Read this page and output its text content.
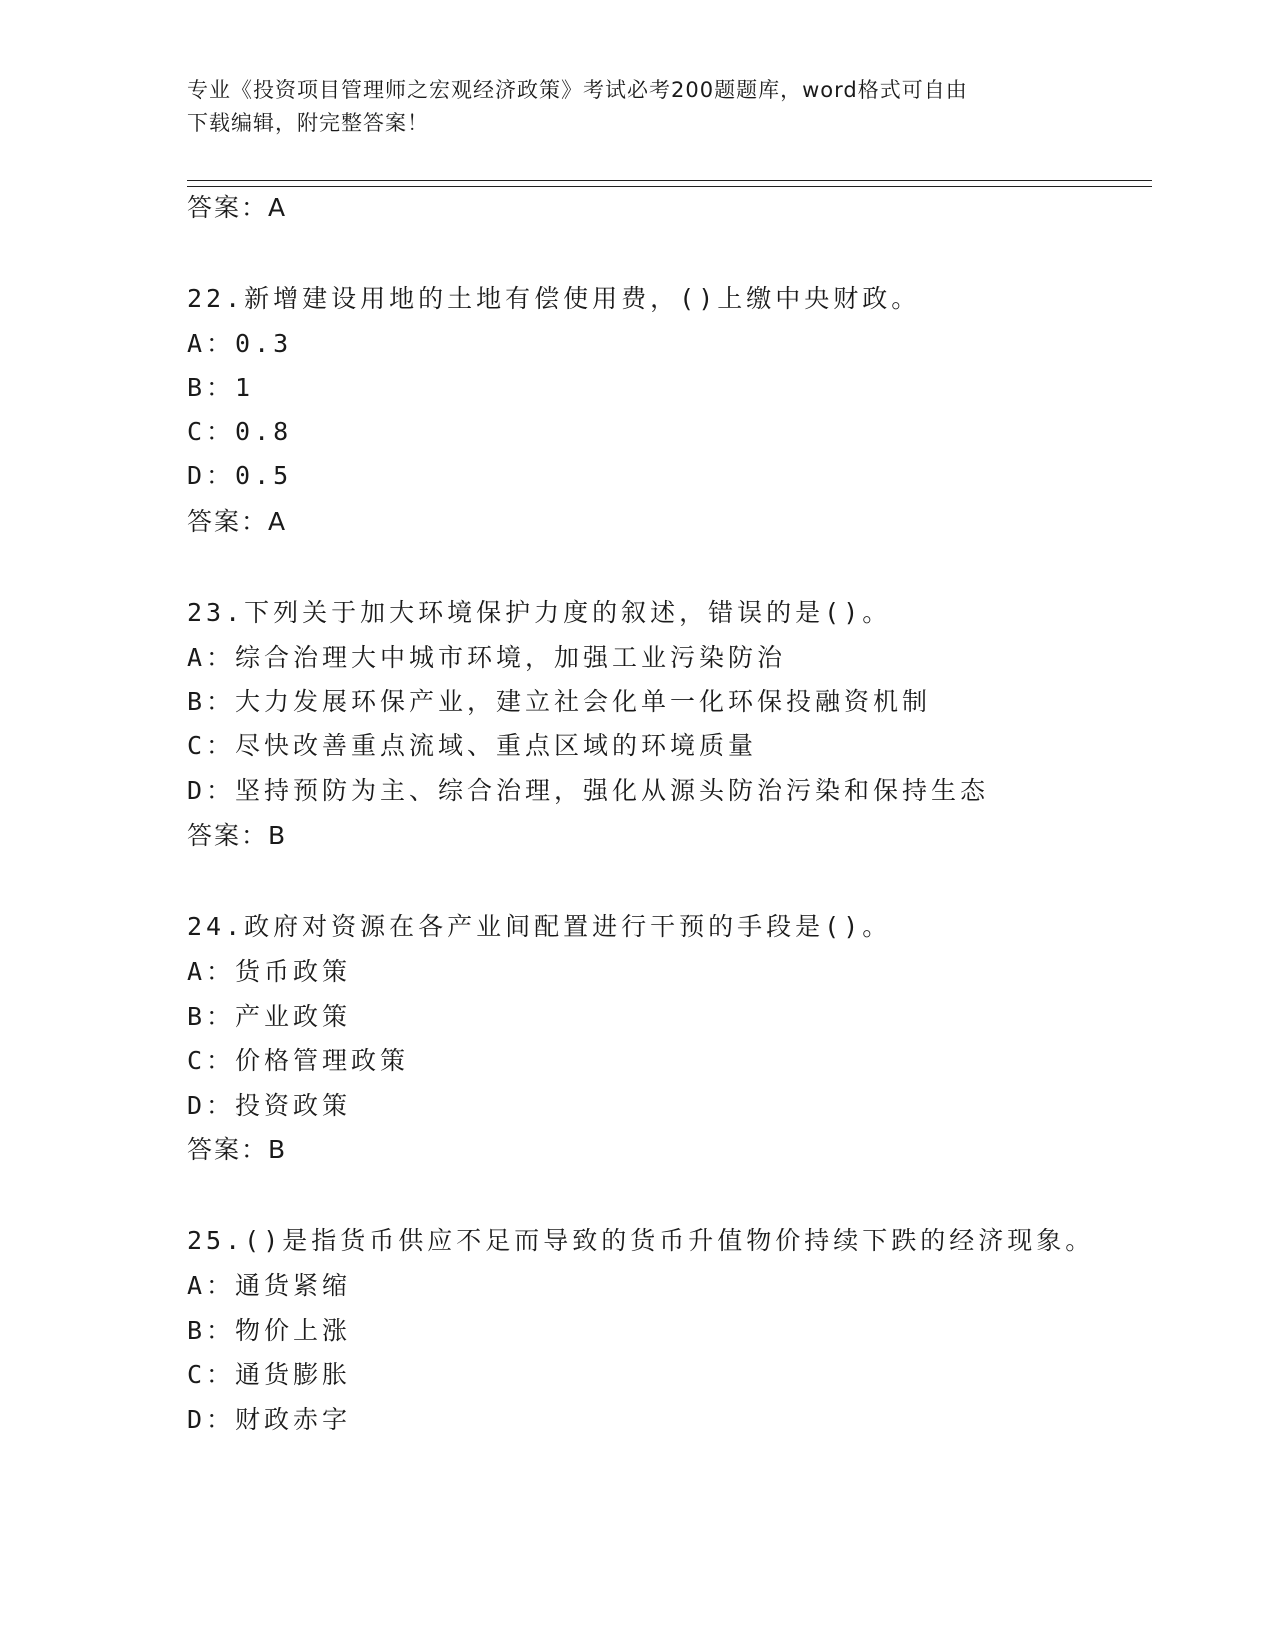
专业《投资项目管理师之宏观经济政策》考试必考200题题库，word格式可自由
下载编辑，附完整答案！
答案：A
22.新增建设用地的土地有偿使用费，()上缴中央财政。
A：0.3
B：1
C：0.8
D：0.5
答案：A
23.下列关于加大环境保护力度的叙述，错误的是()。
A：综合治理大中城市环境，加强工业污染防治
B：大力发展环保产业，建立社会化单一化环保投融资机制
C：尽快改善重点流域、重点区域的环境质量
D：坚持预防为主、综合治理，强化从源头防治污染和保持生态
答案：B
24.政府对资源在各产业间配置进行干预的手段是()。
A：货币政策
B：产业政策
C：价格管理政策
D：投资政策
答案：B
25.()是指货币供应不足而导致的货币升值物价持续下跌的经济现象。
A：通货紧缩
B：物价上涨
C：通货膨胀
D：财政赤字
